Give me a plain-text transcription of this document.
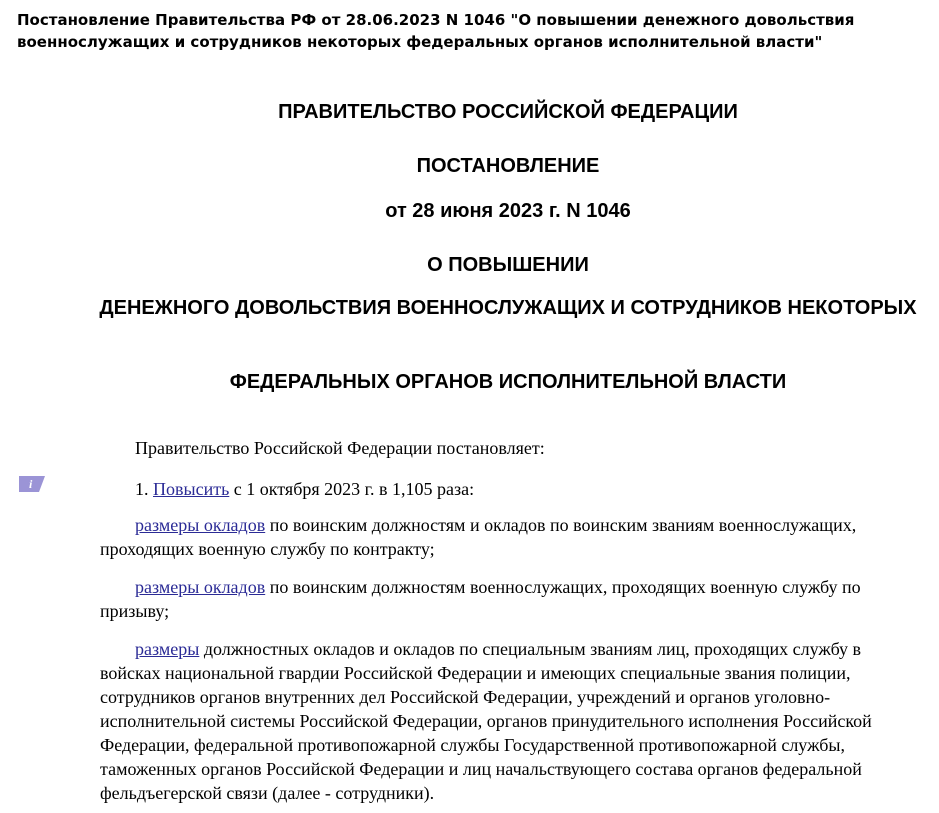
Постановление Правительства РФ от 28.06.2023 N 1046 "О повышении денежного довольствия военнослужащих и сотрудников некоторых федеральных органов исполнительной власти"
ПРАВИТЕЛЬСТВО РОССИЙСКОЙ ФЕДЕРАЦИИ
ПОСТАНОВЛЕНИЕ
от 28 июня 2023 г. N 1046
О ПОВЫШЕНИИ
ДЕНЕЖНОГО ДОВОЛЬСТВИЯ ВОЕННОСЛУЖАЩИХ И СОТРУДНИКОВ НЕКОТОРЫХ
ФЕДЕРАЛЬНЫХ ОРГАНОВ ИСПОЛНИТЕЛЬНОЙ ВЛАСТИ

Правительство Российской Федерации постановляет:

1. Повысить с 1 октября 2023 г. в 1,105 раза:

размеры окладов по воинским должностям и окладов по воинским званиям военнослужащих, проходящих военную службу по контракту;

размеры окладов по воинским должностям военнослужащих, проходящих военную службу по призыву;

размеры должностных окладов и окладов по специальным званиям лиц, проходящих службу в войсках национальной гвардии Российской Федерации и имеющих специальные звания полиции, сотрудников органов внутренних дел Российской Федерации, учреждений и органов уголовно-исполнительной системы Российской Федерации, органов принудительного исполнения Российской Федерации, федеральной противопожарной службы Государственной противопожарной службы, таможенных органов Российской Федерации и лиц начальствующего состава органов федеральной фельдъегерской связи (далее - сотрудники).

i
